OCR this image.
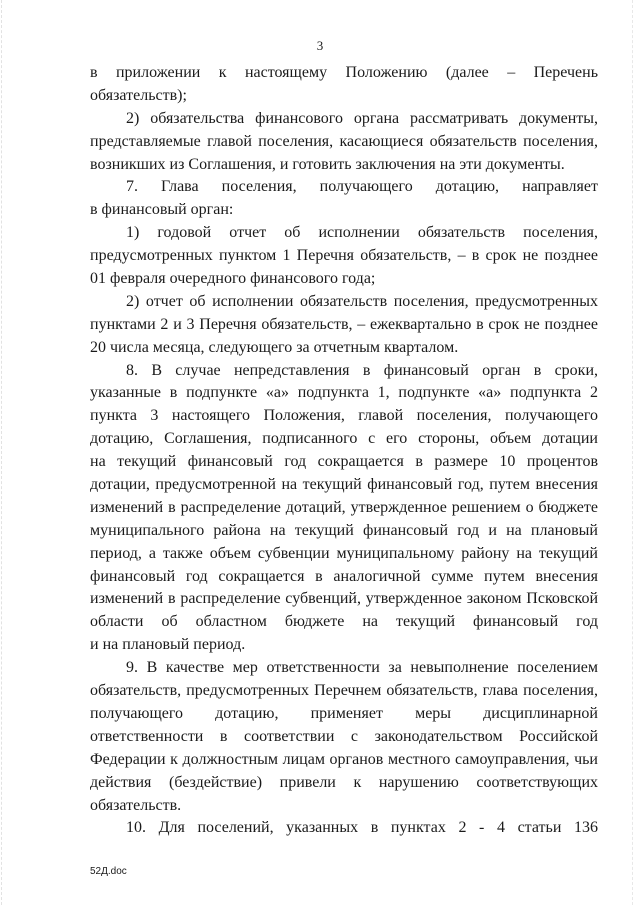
3
в приложении к настоящему Положению (далее – Перечень
обязательств);
2) обязательства финансового органа рассматривать документы,
представляемые главой поселения, касающиеся обязательств поселения,
возникших из Соглашения, и готовить заключения на эти документы.
7. Глава поселения, получающего дотацию, направляет
в финансовый орган:
1) годовой отчет об исполнении обязательств поселения,
предусмотренных пунктом 1 Перечня обязательств, – в срок не позднее
01 февраля очередного финансового года;
2) отчет об исполнении обязательств поселения, предусмотренных
пунктами 2 и 3 Перечня обязательств, – ежеквартально в срок не позднее
20 числа месяца, следующего за отчетным кварталом.
8. В случае непредставления в финансовый орган в сроки,
указанные в подпункте «а» подпункта 1, подпункте «а» подпункта 2
пункта 3 настоящего Положения, главой поселения, получающего
дотацию, Соглашения, подписанного с его стороны, объем дотации
на текущий финансовый год сокращается в размере 10 процентов
дотации, предусмотренной на текущий финансовый год, путем внесения
изменений в распределение дотаций, утвержденное решением о бюджете
муниципального района на текущий финансовый год и на плановый
период, а также объем субвенции муниципальному району на текущий
финансовый год сокращается в аналогичной сумме путем внесения
изменений в распределение субвенций, утвержденное законом Псковской
области об областном бюджете на текущий финансовый год
и на плановый период.
9. В качестве мер ответственности за невыполнение поселением
обязательств, предусмотренных Перечнем обязательств, глава поселения,
получающего дотацию, применяет меры дисциплинарной
ответственности в соответствии с законодательством Российской
Федерации к должностным лицам органов местного самоуправления, чьи
действия (бездействие) привели к нарушению соответствующих
обязательств.
10. Для поселений, указанных в пунктах 2 - 4 статьи 136
52Д.doc
